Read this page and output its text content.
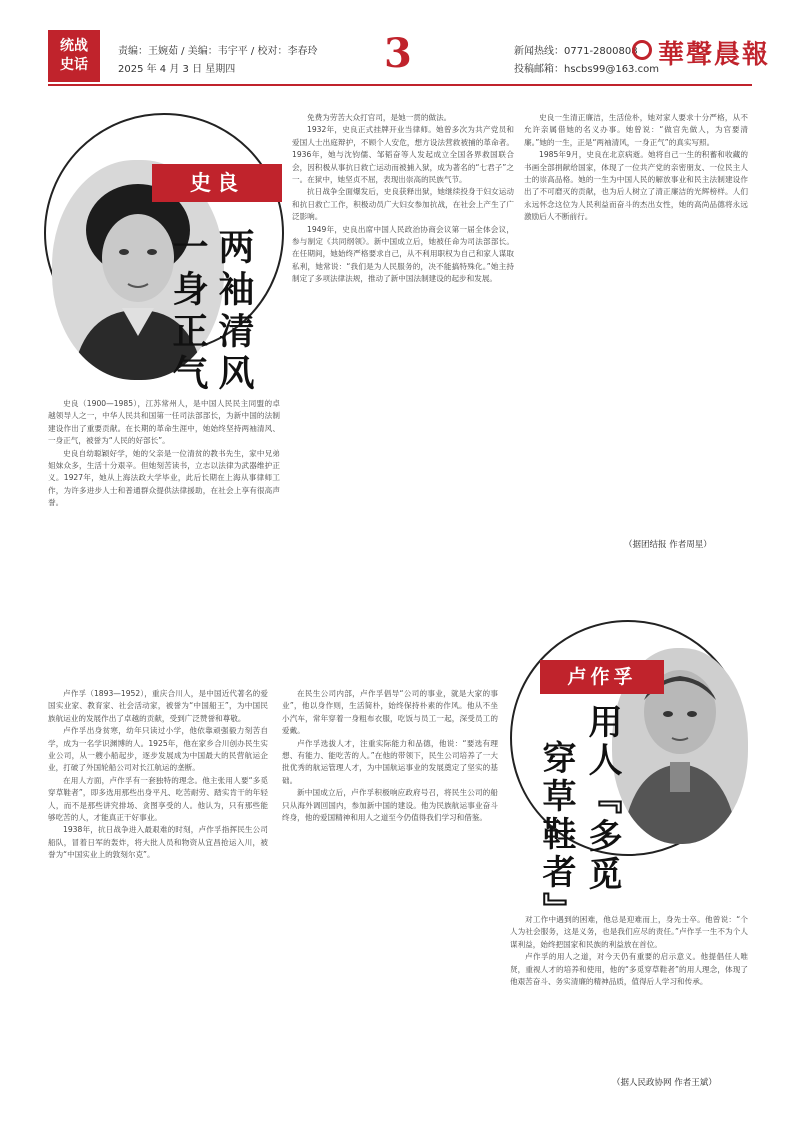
统战
史话
责编：王婉茹 / 美编：韦宇平 / 校对：李春玲
2025 年 4 月 3 日 星期四	3	新闻热线：0771-2800808
投稿邮箱：hscbs99@163.com 華聲晨報
史良
两袖清风
一身正气

史良（1900—1985），江苏常州人，是中国人民民主同盟的卓越领导人之一，中华人民共和国第一任司法部部长，为新中国的法制建设作出了重要贡献。在长期的革命生涯中，她始终坚持两袖清风、一身正气，被誉为“人民的好部长”。

史良自幼聪颖好学，她的父亲是一位清贫的教书先生，家中兄弟姐妹众多，生活十分艰辛。但她刻苦读书，立志以法律为武器维护正义。1927年，她从上海法政大学毕业，此后长期在上海从事律师工作，为许多进步人士和普通群众提供法律援助，在社会上享有很高声誉。

免费为劳苦大众打官司，是她一贯的做法。

1932年，史良正式挂牌开业当律师。她曾多次为共产党员和爱国人士出庭辩护，不顾个人安危，想方设法营救被捕的革命者。1936年，她与沈钧儒、邹韬奋等人发起成立全国各界救国联合会，因积极从事抗日救亡运动而被捕入狱，成为著名的“七君子”之一。在狱中，她坚贞不屈，表现出崇高的民族气节。

抗日战争全面爆发后，史良获释出狱，她继续投身于妇女运动和抗日救亡工作，积极动员广大妇女参加抗战，在社会上产生了广泛影响。

1949年，史良出席中国人民政治协商会议第一届全体会议，参与制定《共同纲领》。新中国成立后，她被任命为司法部部长。在任期间，她始终严格要求自己，从不利用职权为自己和家人谋取私利，她常说：“我们是为人民服务的，决不能搞特殊化。”她主持制定了多项法律法规，推动了新中国法制建设的起步和发展。

史良一生清正廉洁，生活俭朴，她对家人要求十分严格，从不允许亲属借她的名义办事。她曾说：“做官先做人，为官要清廉。”她的一生，正是“两袖清风，一身正气”的真实写照。

1985年9月，史良在北京病逝。她将自己一生的积蓄和收藏的书画全部捐献给国家，体现了一位共产党的亲密朋友、一位民主人士的崇高品格。她的一生为中国人民的解放事业和民主法制建设作出了不可磨灭的贡献，也为后人树立了清正廉洁的光辉榜样。人们永远怀念这位为人民利益而奋斗的杰出女性，她的高尚品德将永远激励后人不断前行。

（据团结报 作者周星）
卢作孚
用人『多觅
穿草鞋者』

卢作孚（1893—1952），重庆合川人，是中国近代著名的爱国实业家、教育家、社会活动家，被誉为“中国船王”，为中国民族航运业的发展作出了卓越的贡献，受到广泛赞誉和尊敬。

卢作孚出身贫寒，幼年只读过小学，他依靠顽强毅力刻苦自学，成为一名学识渊博的人。1925年，他在家乡合川创办民生实业公司，从一艘小船起步，逐步发展成为中国最大的民营航运企业，打破了外国轮船公司对长江航运的垄断。

在用人方面，卢作孚有一套独特的理念。他主张用人要“多觅穿草鞋者”，即多选用那些出身平凡、吃苦耐劳、踏实肯干的年轻人，而不是那些讲究排场、贪图享受的人。他认为，只有那些能够吃苦的人，才能真正干好事业。

1938年，抗日战争进入最艰难的时刻，卢作孚指挥民生公司船队，冒着日军的轰炸，将大批人员和物资从宜昌抢运入川，被誉为“中国实业上的敦刻尔克”。

在民生公司内部，卢作孚倡导“公司的事业，就是大家的事业”，他以身作则，生活简朴，始终保持朴素的作风。他从不坐小汽车，常年穿着一身粗布衣服，吃饭与员工一起，深受员工的爱戴。

卢作孚选拔人才，注重实际能力和品德，他说：“要选有理想、有能力、能吃苦的人。”在他的带领下，民生公司培养了一大批优秀的航运管理人才，为中国航运事业的发展奠定了坚实的基础。

新中国成立后，卢作孚积极响应政府号召，将民生公司的船只从海外调回国内，参加新中国的建设。他为民族航运事业奋斗终身，他的爱国精神和用人之道至今仍值得我们学习和借鉴。

对工作中遇到的困难，他总是迎难而上，身先士卒。他曾说：“个人为社会服务，这是义务，也是我们应尽的责任。”卢作孚一生不为个人谋利益，始终把国家和民族的利益放在首位。

卢作孚的用人之道，对今天仍有重要的启示意义。他提倡任人唯贤，重视人才的培养和使用，他的“多觅穿草鞋者”的用人理念，体现了他艰苦奋斗、务实清廉的精神品质，值得后人学习和传承。

（据人民政协网 作者王斌）
